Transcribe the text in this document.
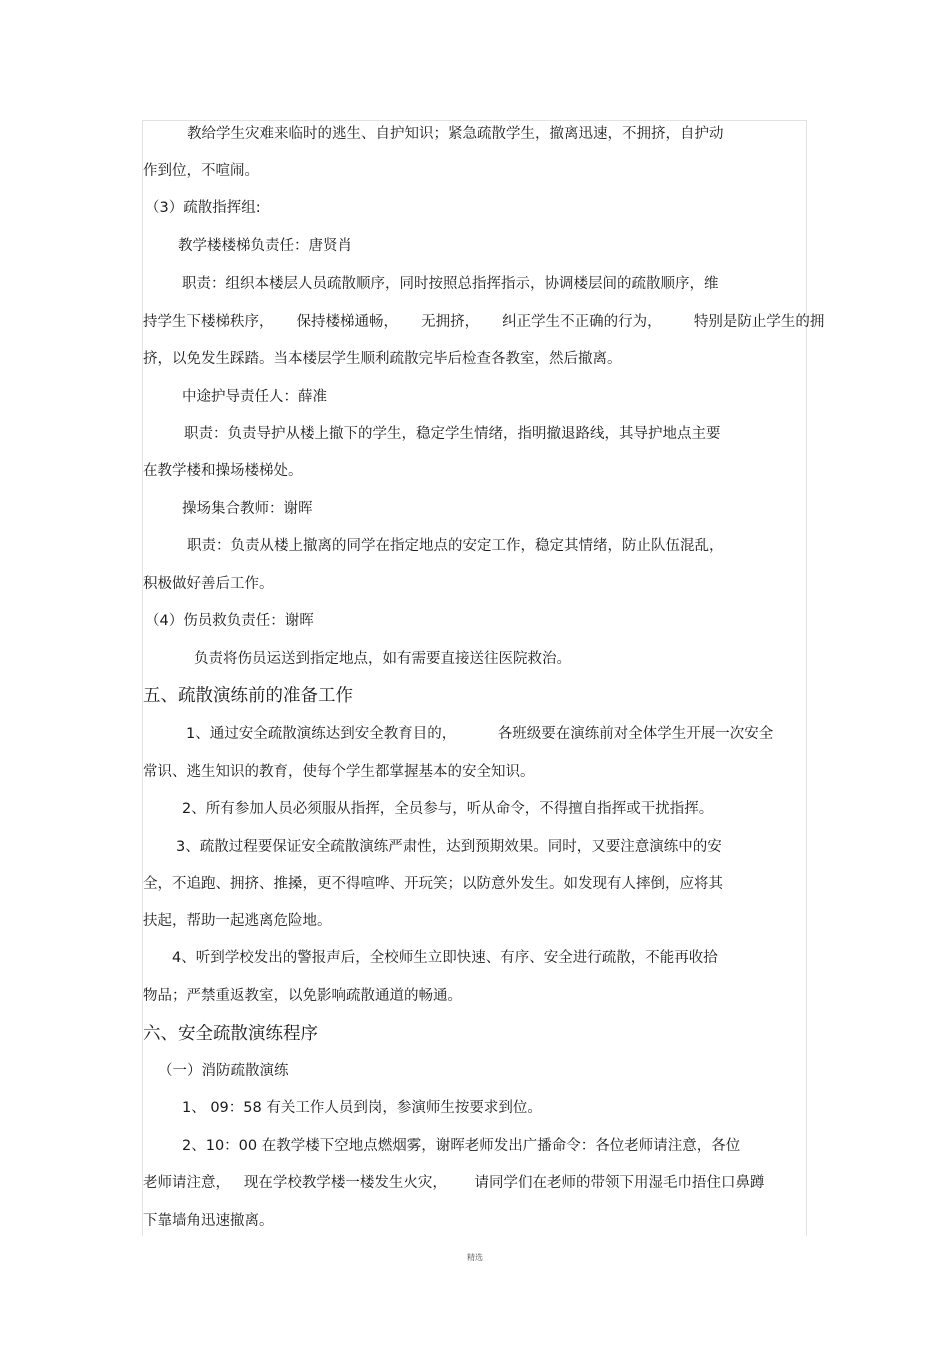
教给学生灾难来临时的逃生、自护知识；紧急疏散学生，撤离迅速，不拥挤，自护动
作到位，不喧闹。
（3）疏散指挥组:
教学楼楼梯负责任：唐贤肖
职责：组织本楼层人员疏散顺序，同时按照总指挥指示，协调楼层间的疏散顺序，维
持学生下楼梯秩序，     保持楼梯通畅，     无拥挤，     纠正学生不正确的行为，       特别是防止学生的拥
挤，以免发生踩踏。当本楼层学生顺利疏散完毕后检查各教室，然后撤离。
中途护导责任人：薛准
职责：负责导护从楼上撤下的学生，稳定学生情绪，指明撤退路线，其导护地点主要
在教学楼和操场楼梯处。
操场集合教师：谢晖
职责：负责从楼上撤离的同学在指定地点的安定工作，稳定其情绪，防止队伍混乱，
积极做好善后工作。
（4）伤员救负责任：谢晖
负责将伤员运送到指定地点，如有需要直接送往医院救治。
五、疏散演练前的准备工作
1、通过安全疏散演练达到安全教育目的，         各班级要在演练前对全体学生开展一次安全
常识、逃生知识的教育，使每个学生都掌握基本的安全知识。
2、所有参加人员必须服从指挥，全员参与，听从命令，不得擅自指挥或干扰指挥。
3、疏散过程要保证安全疏散演练严肃性，达到预期效果。同时，又要注意演练中的安
全，不追跑、拥挤、推搡，更不得喧哗、开玩笑；以防意外发生。如发现有人摔倒，应将其
扶起，帮助一起逃离危险地。
4、听到学校发出的警报声后，全校师生立即快速、有序、安全进行疏散，不能再收拾
物品；严禁重返教室，以免影响疏散通道的畅通。
六、安全疏散演练程序
（一）消防疏散演练
1、 09：58 有关工作人员到岗，参演师生按要求到位。
2、10：00 在教学楼下空地点燃烟雾，谢晖老师发出广播命令：各位老师请注意，各位
老师请注意，   现在学校教学楼一楼发生火灾，      请同学们在老师的带领下用湿毛巾捂住口鼻蹲
下靠墙角迅速撤离。
精选
